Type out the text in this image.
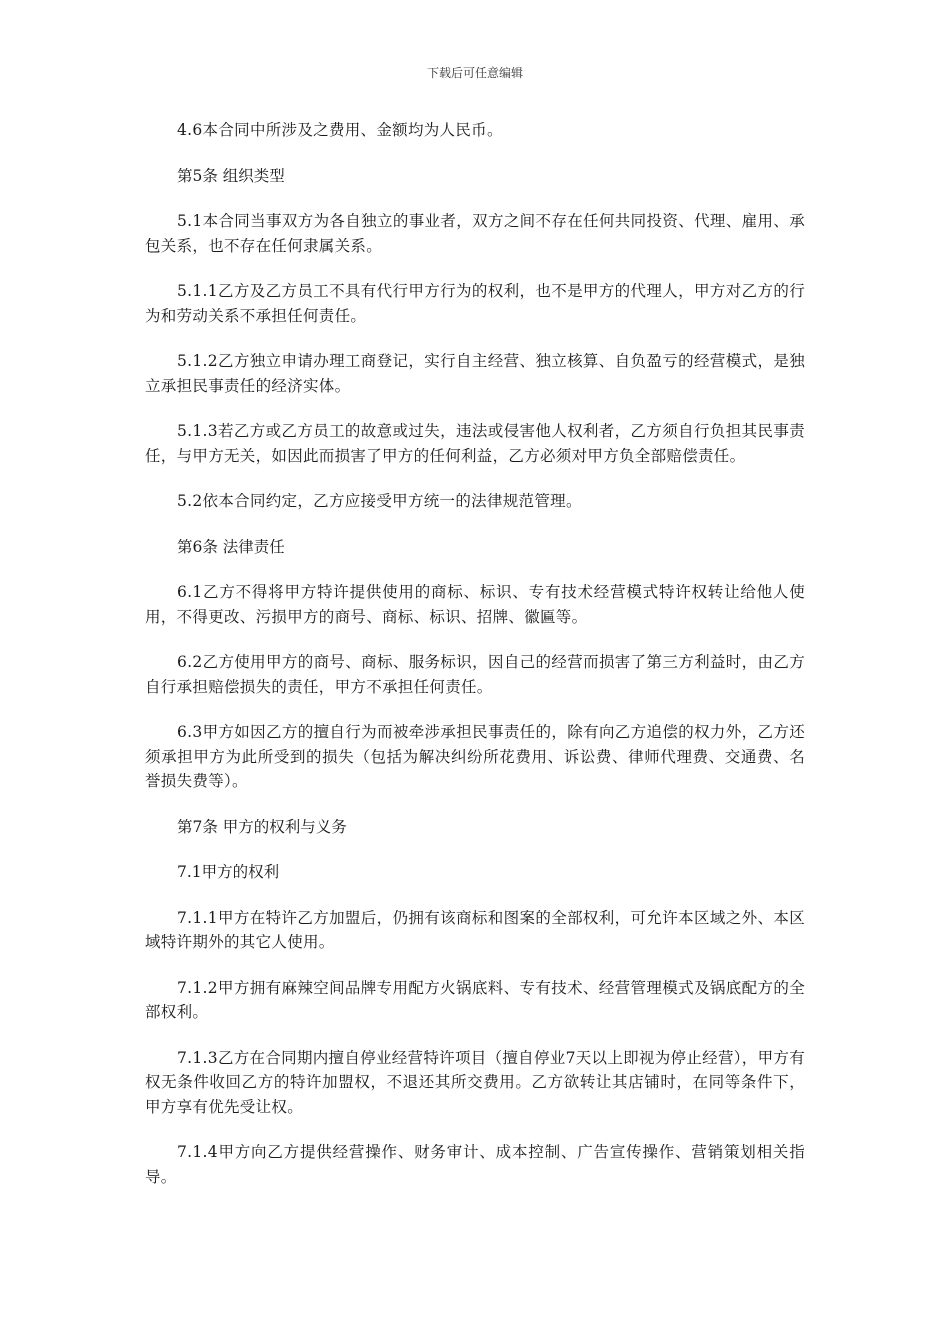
下载后可任意编辑

4.6本合同中所涉及之费用、金额均为人民币。

第5条 组织类型

5.1本合同当事双方为各自独立的事业者，双方之间不存在任何共同投资、代理、雇用、承包关系，也不存在任何隶属关系。

5.1.1乙方及乙方员工不具有代行甲方行为的权利，也不是甲方的代理人，甲方对乙方的行为和劳动关系不承担任何责任。

5.1.2乙方独立申请办理工商登记，实行自主经营、独立核算、自负盈亏的经营模式，是独立承担民事责任的经济实体。

5.1.3若乙方或乙方员工的故意或过失，违法或侵害他人权利者，乙方须自行负担其民事责任，与甲方无关，如因此而损害了甲方的任何利益，乙方必须对甲方负全部赔偿责任。

5.2依本合同约定，乙方应接受甲方统一的法律规范管理。

第6条 法律责任

6.1乙方不得将甲方特许提供使用的商标、标识、专有技术经营模式特许权转让给他人使用，不得更改、污损甲方的商号、商标、标识、招牌、徽匾等。

6.2乙方使用甲方的商号、商标、服务标识，因自己的经营而损害了第三方利益时，由乙方自行承担赔偿损失的责任，甲方不承担任何责任。

6.3甲方如因乙方的擅自行为而被牵涉承担民事责任的，除有向乙方追偿的权力外，乙方还须承担甲方为此所受到的损失（包括为解决纠纷所花费用、诉讼费、律师代理费、交通费、名誉损失费等）。

第7条 甲方的权利与义务

7.1甲方的权利

7.1.1甲方在特许乙方加盟后，仍拥有该商标和图案的全部权利，可允许本区域之外、本区域特许期外的其它人使用。

7.1.2甲方拥有麻辣空间品牌专用配方火锅底料、专有技术、经营管理模式及锅底配方的全部权利。

7.1.3乙方在合同期内擅自停业经营特许项目（擅自停业7天以上即视为停止经营），甲方有权无条件收回乙方的特许加盟权，不退还其所交费用。乙方欲转让其店铺时，在同等条件下，甲方享有优先受让权。

7.1.4甲方向乙方提供经营操作、财务审计、成本控制、广告宣传操作、营销策划相关指导。
